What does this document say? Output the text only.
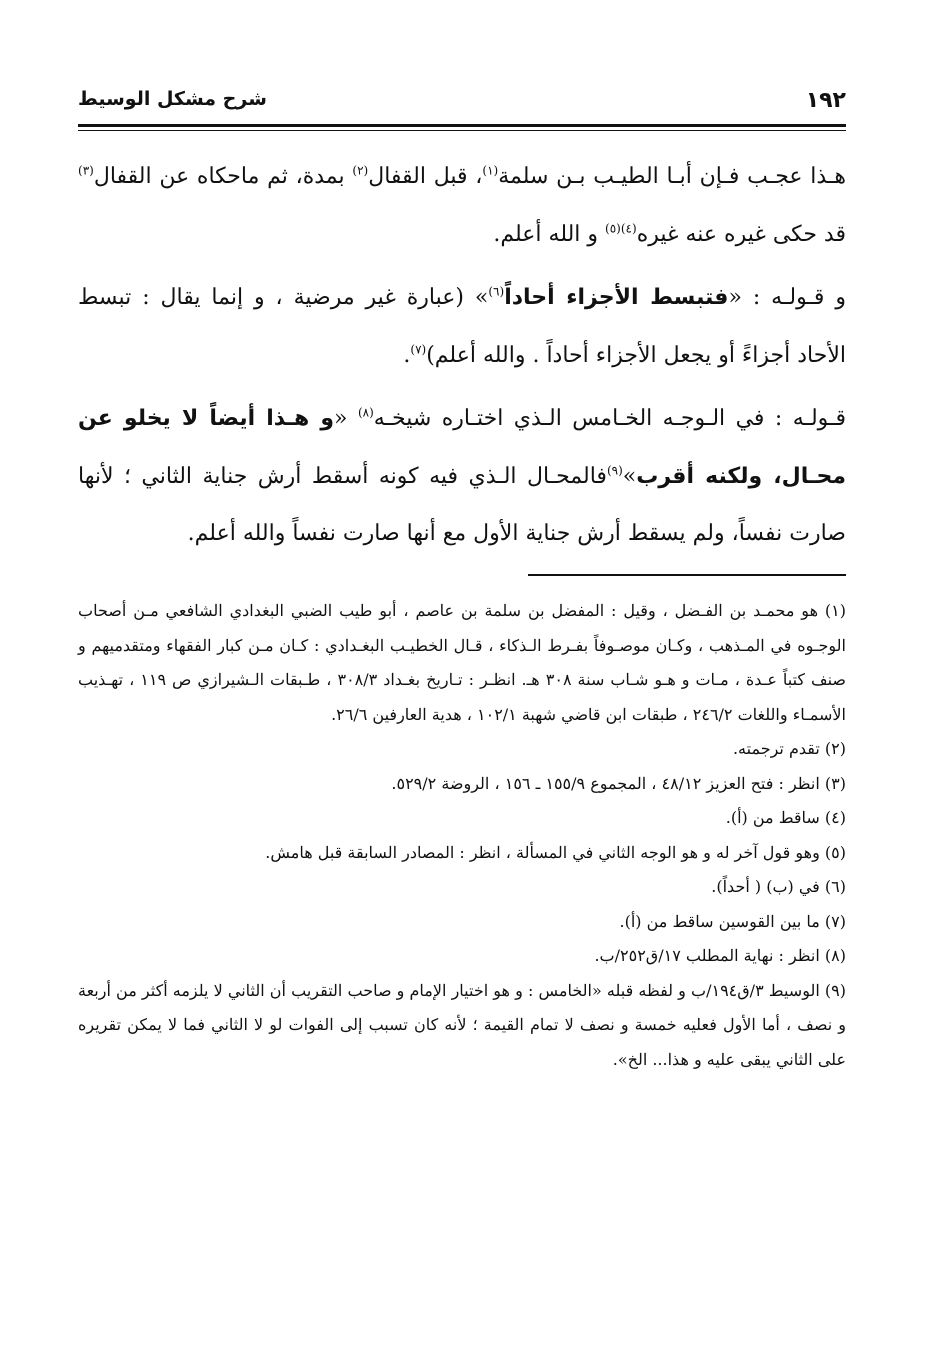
١٩٢
شرح مشكل الوسيط

هـذا عجـب فـإن أبـا الطيـب بـن سلمة$^{(١)}$، قبل القفال$^{(٢)}$ بمدة، ثم ماحكاه عن القفال$^{(٣)}$ قد حكى غيره عنه غيره$^{(٤)(٥)}$ و الله أعلم.

و قـولـه : «فتبسط الأجزاء أحاداً$^{(٦)}$» (عبارة غير مرضية ، و إنما يقال : تبسط الأحاد أجزاءً أو يجعل الأجزاء أحاداً . والله أعلم)$^{(٧)}$.

قـولـه : في الـوجـه الخـامس الـذي اختـاره شيخـه$^{(٨)}$ «و هـذا أيضاً لا يخلو عن محـال، ولكنه أقرب»$^{(٩)}$فالمحـال الـذي فيه كونه أسقط أرش جناية الثاني ؛ لأنها صارت نفساً، ولم يسقط أرش جناية الأول مع أنها صارت نفساً والله أعلم.

(١) هو محمـد بن الفـضل ، وقيل : المفضل بن سلمة بن عاصم ، أبو طيب الضبي البغدادي الشافعي مـن أصحاب الوجـوه في المـذهب ، وكـان موصـوفاً بفـرط الـذكاء ، قـال الخطيـب البغـدادي : كـان مـن كبار الفقهاء ومتقدميهم و صنف كتباً عـدة ، مـات و هـو شـاب سنة ٣٠٨ هـ. انظـر : تـاريخ بغـداد ٣٠٨/٣ ، طـبقات الـشيرازي ص ١١٩ ، تهـذيب الأسمـاء واللغات ٢٤٦/٢ ، طبقات ابن قاضي شهبة ١٠٢/١ ، هدية العارفين ٢٦/٦.

(٢) تقدم ترجمته.

(٣) انظر : فتح العزيز ٤٨/١٢ ، المجموع ١٥٥/٩ ـ ١٥٦ ، الروضة ٥٢٩/٢.

(٤) ساقط من (أ).

(٥) وهو قول آخر له و هو الوجه الثاني في المسألة ، انظر : المصادر السابقة قبل هامش.

(٦) في (ب) ( أحداً).

(٧) ما بين القوسين ساقط من (أ).

(٨) انظر : نهاية المطلب ١٧/ق٢٥٢/ب.

(٩) الوسيط ٣/ق١٩٤/ب و لفظه قبله «الخامس : و هو اختيار الإمام و صاحب التقريب أن الثاني لا يلزمه أكثر من أربعة و نصف ، أما الأول فعليه خمسة و نصف لا تمام القيمة ؛ لأنه كان تسبب إلى الفوات لو لا الثاني فما لا يمكن تقريره على الثاني يبقى عليه و هذا... الخ».
